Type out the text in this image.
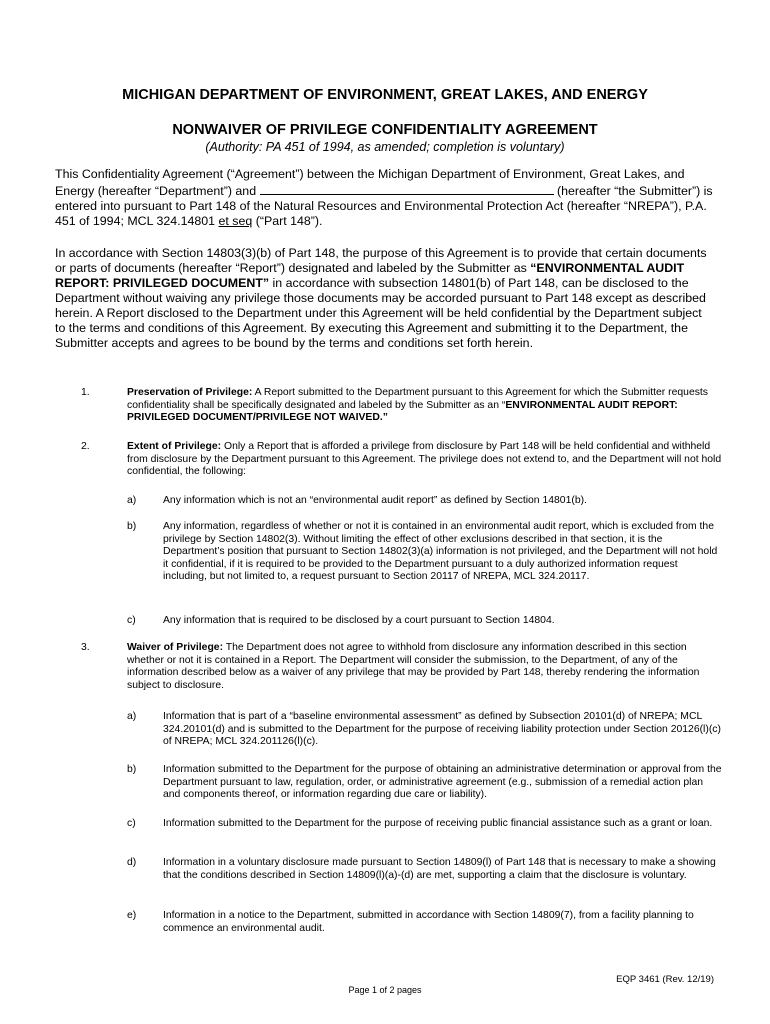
MICHIGAN DEPARTMENT OF ENVIRONMENT, GREAT LAKES, AND ENERGY
NONWAIVER OF PRIVILEGE CONFIDENTIALITY AGREEMENT
(Authority: PA 451 of 1994, as amended; completion is voluntary)
This Confidentiality Agreement (“Agreement”) between the Michigan Department of Environment, Great Lakes, and Energy (hereafter “Department”) and	(hereafter “the Submitter”) is entered into pursuant to Part 148 of the Natural Resources and Environmental Protection Act (hereafter “NREPA”), P.A. 451 of 1994; MCL 324.14801 et seq (“Part 148”).
In accordance with Section 14803(3)(b) of Part 148, the purpose of this Agreement is to provide that certain documents or parts of documents (hereafter “Report”) designated and labeled by the Submitter as “ENVIRONMENTAL AUDIT REPORT: PRIVILEGED DOCUMENT” in accordance with subsection 14801(b) of Part 148, can be disclosed to the Department without waiving any privilege those documents may be accorded pursuant to Part 148 except as described herein. A Report disclosed to the Department under this Agreement will be held confidential by the Department subject to the terms and conditions of this Agreement. By executing this Agreement and submitting it to the Department, the Submitter accepts and agrees to be bound by the terms and conditions set forth herein.
1.	Preservation of Privilege: A Report submitted to the Department pursuant to this Agreement for which the Submitter requests confidentiality shall be specifically designated and labeled by the Submitter as an “ENVIRONMENTAL AUDIT REPORT: PRIVILEGED DOCUMENT/PRIVILEGE NOT WAIVED.”
2.	Extent of Privilege: Only a Report that is afforded a privilege from disclosure by Part 148 will be held confidential and withheld from disclosure by the Department pursuant to this Agreement. The privilege does not extend to, and the Department will not hold confidential, the following:
a)	Any information which is not an “environmental audit report” as defined by Section 14801(b).
b)	Any information, regardless of whether or not it is contained in an environmental audit report, which is excluded from the privilege by Section 14802(3). Without limiting the effect of other exclusions described in that section, it is the Department’s position that pursuant to Section 14802(3)(a) information is not privileged, and the Department will not hold it confidential, if it is required to be provided to the Department pursuant to a duly authorized information request including, but not limited to, a request pursuant to Section 20117 of NREPA, MCL 324.20117.
c)	Any information that is required to be disclosed by a court pursuant to Section 14804.
3.	Waiver of Privilege: The Department does not agree to withhold from disclosure any information described in this section whether or not it is contained in a Report. The Department will consider the submission, to the Department, of any of the information described below as a waiver of any privilege that may be provided by Part 148, thereby rendering the information subject to disclosure.
a)	Information that is part of a “baseline environmental assessment” as defined by Subsection 20101(d) of NREPA; MCL 324.20101(d) and is submitted to the Department for the purpose of receiving liability protection under Section 20126(l)(c) of NREPA; MCL 324.201126(l)(c).
b)	Information submitted to the Department for the purpose of obtaining an administrative determination or approval from the Department pursuant to law, regulation, order, or administrative agreement (e.g., submission of a remedial action plan and components thereof, or information regarding due care or liability).
c)	Information submitted to the Department for the purpose of receiving public financial assistance such as a grant or loan.
d)	Information in a voluntary disclosure made pursuant to Section 14809(l) of Part 148 that is necessary to make a showing that the conditions described in Section 14809(l)(a)-(d) are met, supporting a claim that the disclosure is voluntary.
e)	Information in a notice to the Department, submitted in accordance with Section 14809(7), from a facility planning to commence an environmental audit.
EQP 3461 (Rev. 12/19)
Page 1 of 2 pages
